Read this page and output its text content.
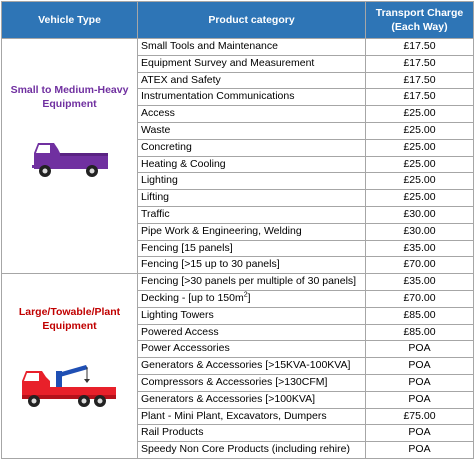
Vehicle Type	Product category	Transport Charge
(Each Way)

Small to Medium-Heavy
Equipment	Small Tools and Maintenance	£17.50
	Equipment Survey and Measurement	£17.50
	ATEX and Safety	£17.50
	Instrumentation Communications	£17.50
	Access	£25.00
	Waste	£25.00
	Concreting	£25.00
	Heating & Cooling	£25.00
	Lighting	£25.00
	Lifting	£25.00
	Traffic	£30.00
	Pipe Work & Engineering, Welding	£30.00
	Fencing [15 panels]	£35.00
	Fencing [>15 up to 30 panels]	£70.00

Large/Towable/Plant
Equipment	Fencing [>30 panels per multiple of 30 panels]	£35.00
	Decking - [up to $150m^2$]	£70.00
	Lighting Towers	£85.00
	Powered Access	£85.00
	Power Accessories	POA
	Generators & Accessories [>15KVA-100KVA]	POA
	Compressors & Accessories [>130CFM]	POA
	Generators & Accessories [>100KVA]	POA
	Plant - Mini Plant, Excavators, Dumpers	£75.00
	Rail Products	POA
	Speedy Non Core Products (including rehire)	POA
